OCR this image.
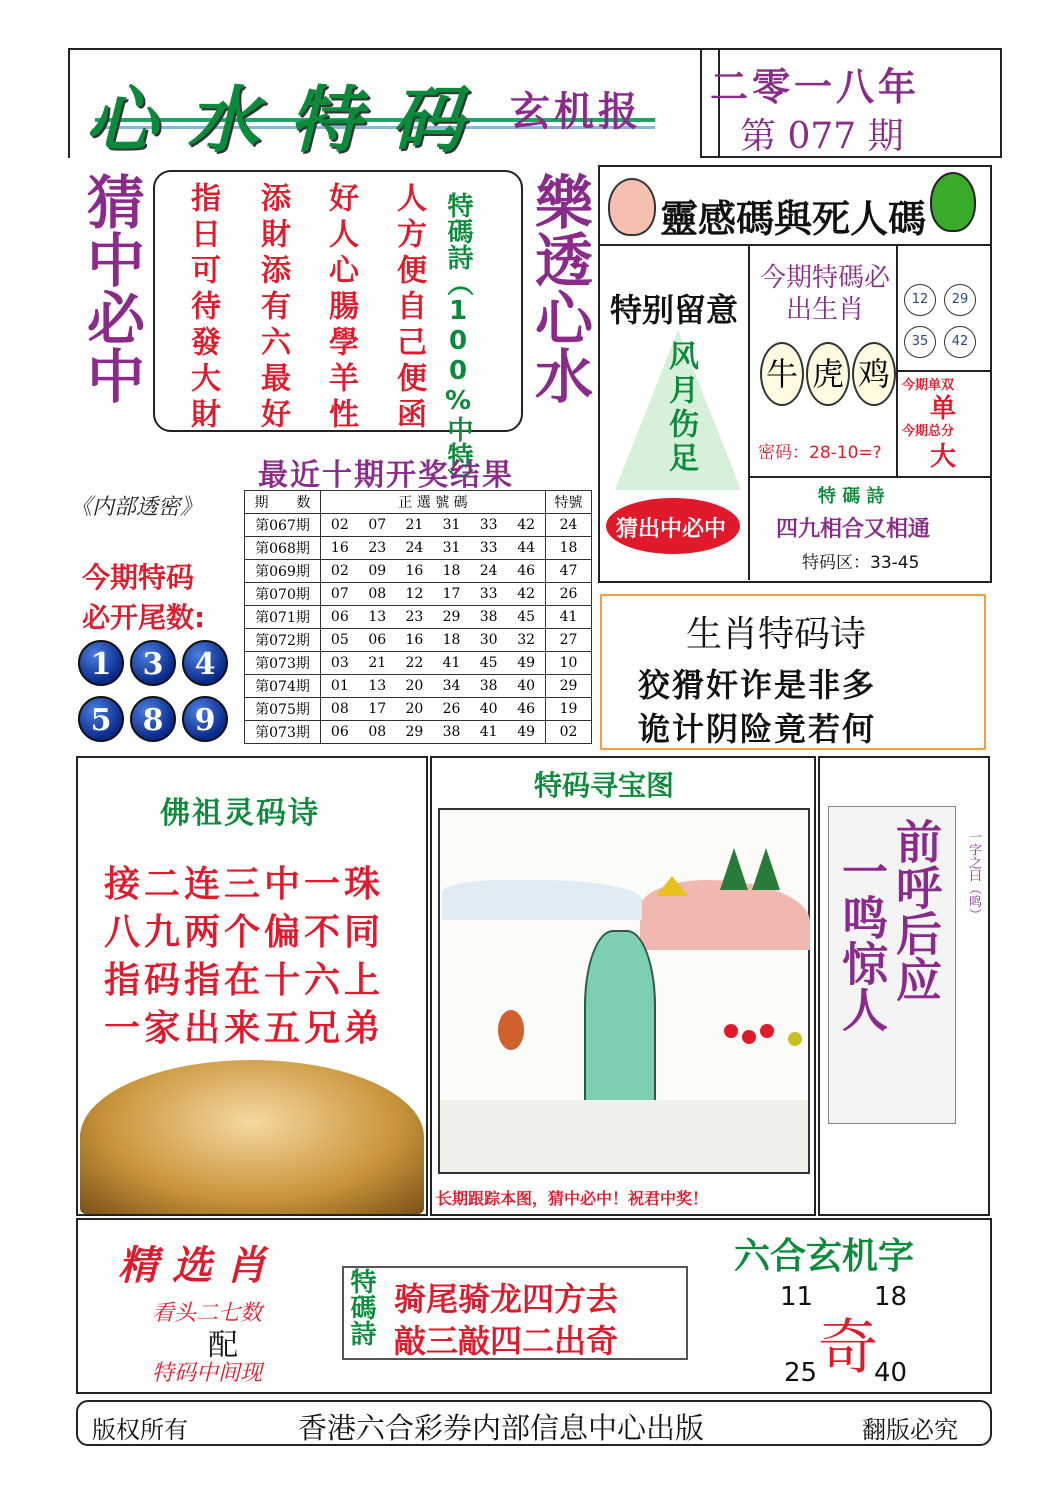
心水特码 玄机报
二零一八年
第 077 期
猜中必中 指日可待發大財 添財添有六最好 好人心腸學羊性 人方便自己便函 特碼詩（100%中特） 樂透心水 靈感碼與死人碼
特别留意
风月伤足
猜出中必中
今期特碼必出生肖
牛 虎 鸡
密码：28-10=?
12	29
35	42
今期单双
单
今期总分
大
特 碼 詩
四九相合又相通
特码区：33-45
最近十期开奖结果
期　　数	正 選 號 碼						特號
第067期	02	07	21	31	33	42	24
第068期	16	23	24	31	33	44	18
第069期	02	09	16	18	24	46	47
第070期	07	08	12	17	33	42	26
第071期	06	13	23	29	38	45	41
第072期	05	06	16	18	30	32	27
第073期	03	21	22	41	45	49	10
第074期	01	13	20	34	38	40	29
第075期	08	17	20	26	40	46	19
第073期	06	08	29	38	41	49	02
《内部透密》
今期特码
必开尾数:
1	3	4
5	8	9
生肖特码诗
狡猾奸诈是非多
诡计阴险竟若何
佛祖灵码诗
接二连三中一珠
八九两个偏不同
指码指在十六上
一家出来五兄弟
特码寻宝图
长期跟踪本图，猜中必中！祝君中奖！
前呼后应
一鸣惊人	一字之曰（鸣）
精 选 肖
看头二七数
配
特码中间现
特碼詩 骑尾骑龙四方去
敲三敲四二出奇
六合玄机字
11 18
奇
25 40
版权所有	香港六合彩券内部信息中心出版	翻版必究
